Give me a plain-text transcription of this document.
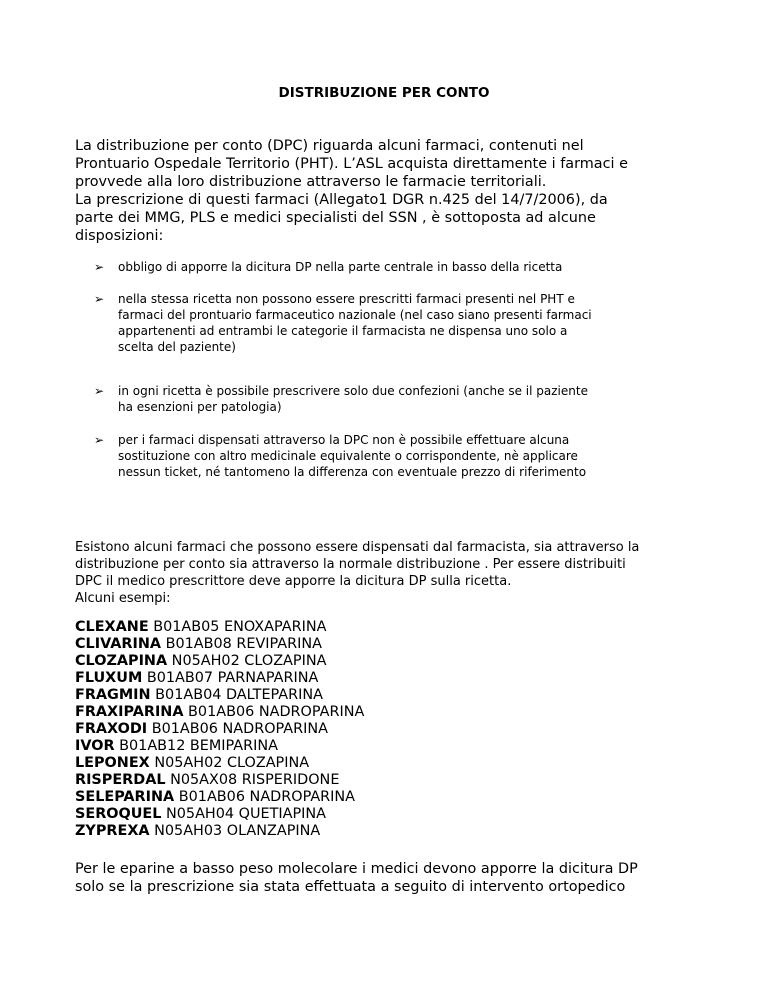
DISTRIBUZIONE PER CONTO

La distribuzione per conto (DPC) riguarda alcuni farmaci, contenuti nel

Prontuario Ospedale Territorio (PHT). L’ASL acquista direttamente i farmaci e

provvede alla loro distribuzione attraverso le farmacie territoriali.

La prescrizione di questi farmaci (Allegato1 DGR n.425 del 14/7/2006), da

parte dei MMG, PLS e medici specialisti del SSN , è sottoposta ad alcune

disposizioni:

➢ obbligo di apporre la dicitura DP nella parte centrale in basso della ricetta
➢ nella stessa ricetta non possono essere prescritti farmaci presenti nel PHT e
farmaci del prontuario farmaceutico nazionale (nel caso siano presenti farmaci
appartenenti ad entrambi le categorie il farmacista ne dispensa uno solo a
scelta del paziente)
➢ in ogni ricetta è possibile prescrivere solo due confezioni (anche se il paziente
ha esenzioni per patologia)
➢ per i farmaci dispensati attraverso la DPC non è possibile effettuare alcuna
sostituzione con altro medicinale equivalente o corrispondente, nè applicare
nessun ticket, né tantomeno la differenza con eventuale prezzo di riferimento

Esistono alcuni farmaci che possono essere dispensati dal farmacista, sia attraverso la

distribuzione per conto sia attraverso la normale distribuzione . Per essere distribuiti

DPC il medico prescrittore deve apporre la dicitura DP sulla ricetta.

Alcuni esempi:

CLEXANE B01AB05 ENOXAPARINA
CLIVARINA B01AB08 REVIPARINA
CLOZAPINA N05AH02 CLOZAPINA
FLUXUM B01AB07 PARNAPARINA
FRAGMIN B01AB04 DALTEPARINA
FRAXIPARINA B01AB06 NADROPARINA
FRAXODI B01AB06 NADROPARINA
IVOR B01AB12 BEMIPARINA
LEPONEX N05AH02 CLOZAPINA
RISPERDAL N05AX08 RISPERIDONE
SELEPARINA B01AB06 NADROPARINA
SEROQUEL N05AH04 QUETIAPINA
ZYPREXA N05AH03 OLANZAPINA

Per le eparine a basso peso molecolare i medici devono apporre la dicitura DP

solo se la prescrizione sia stata effettuata a seguito di intervento ortopedico
